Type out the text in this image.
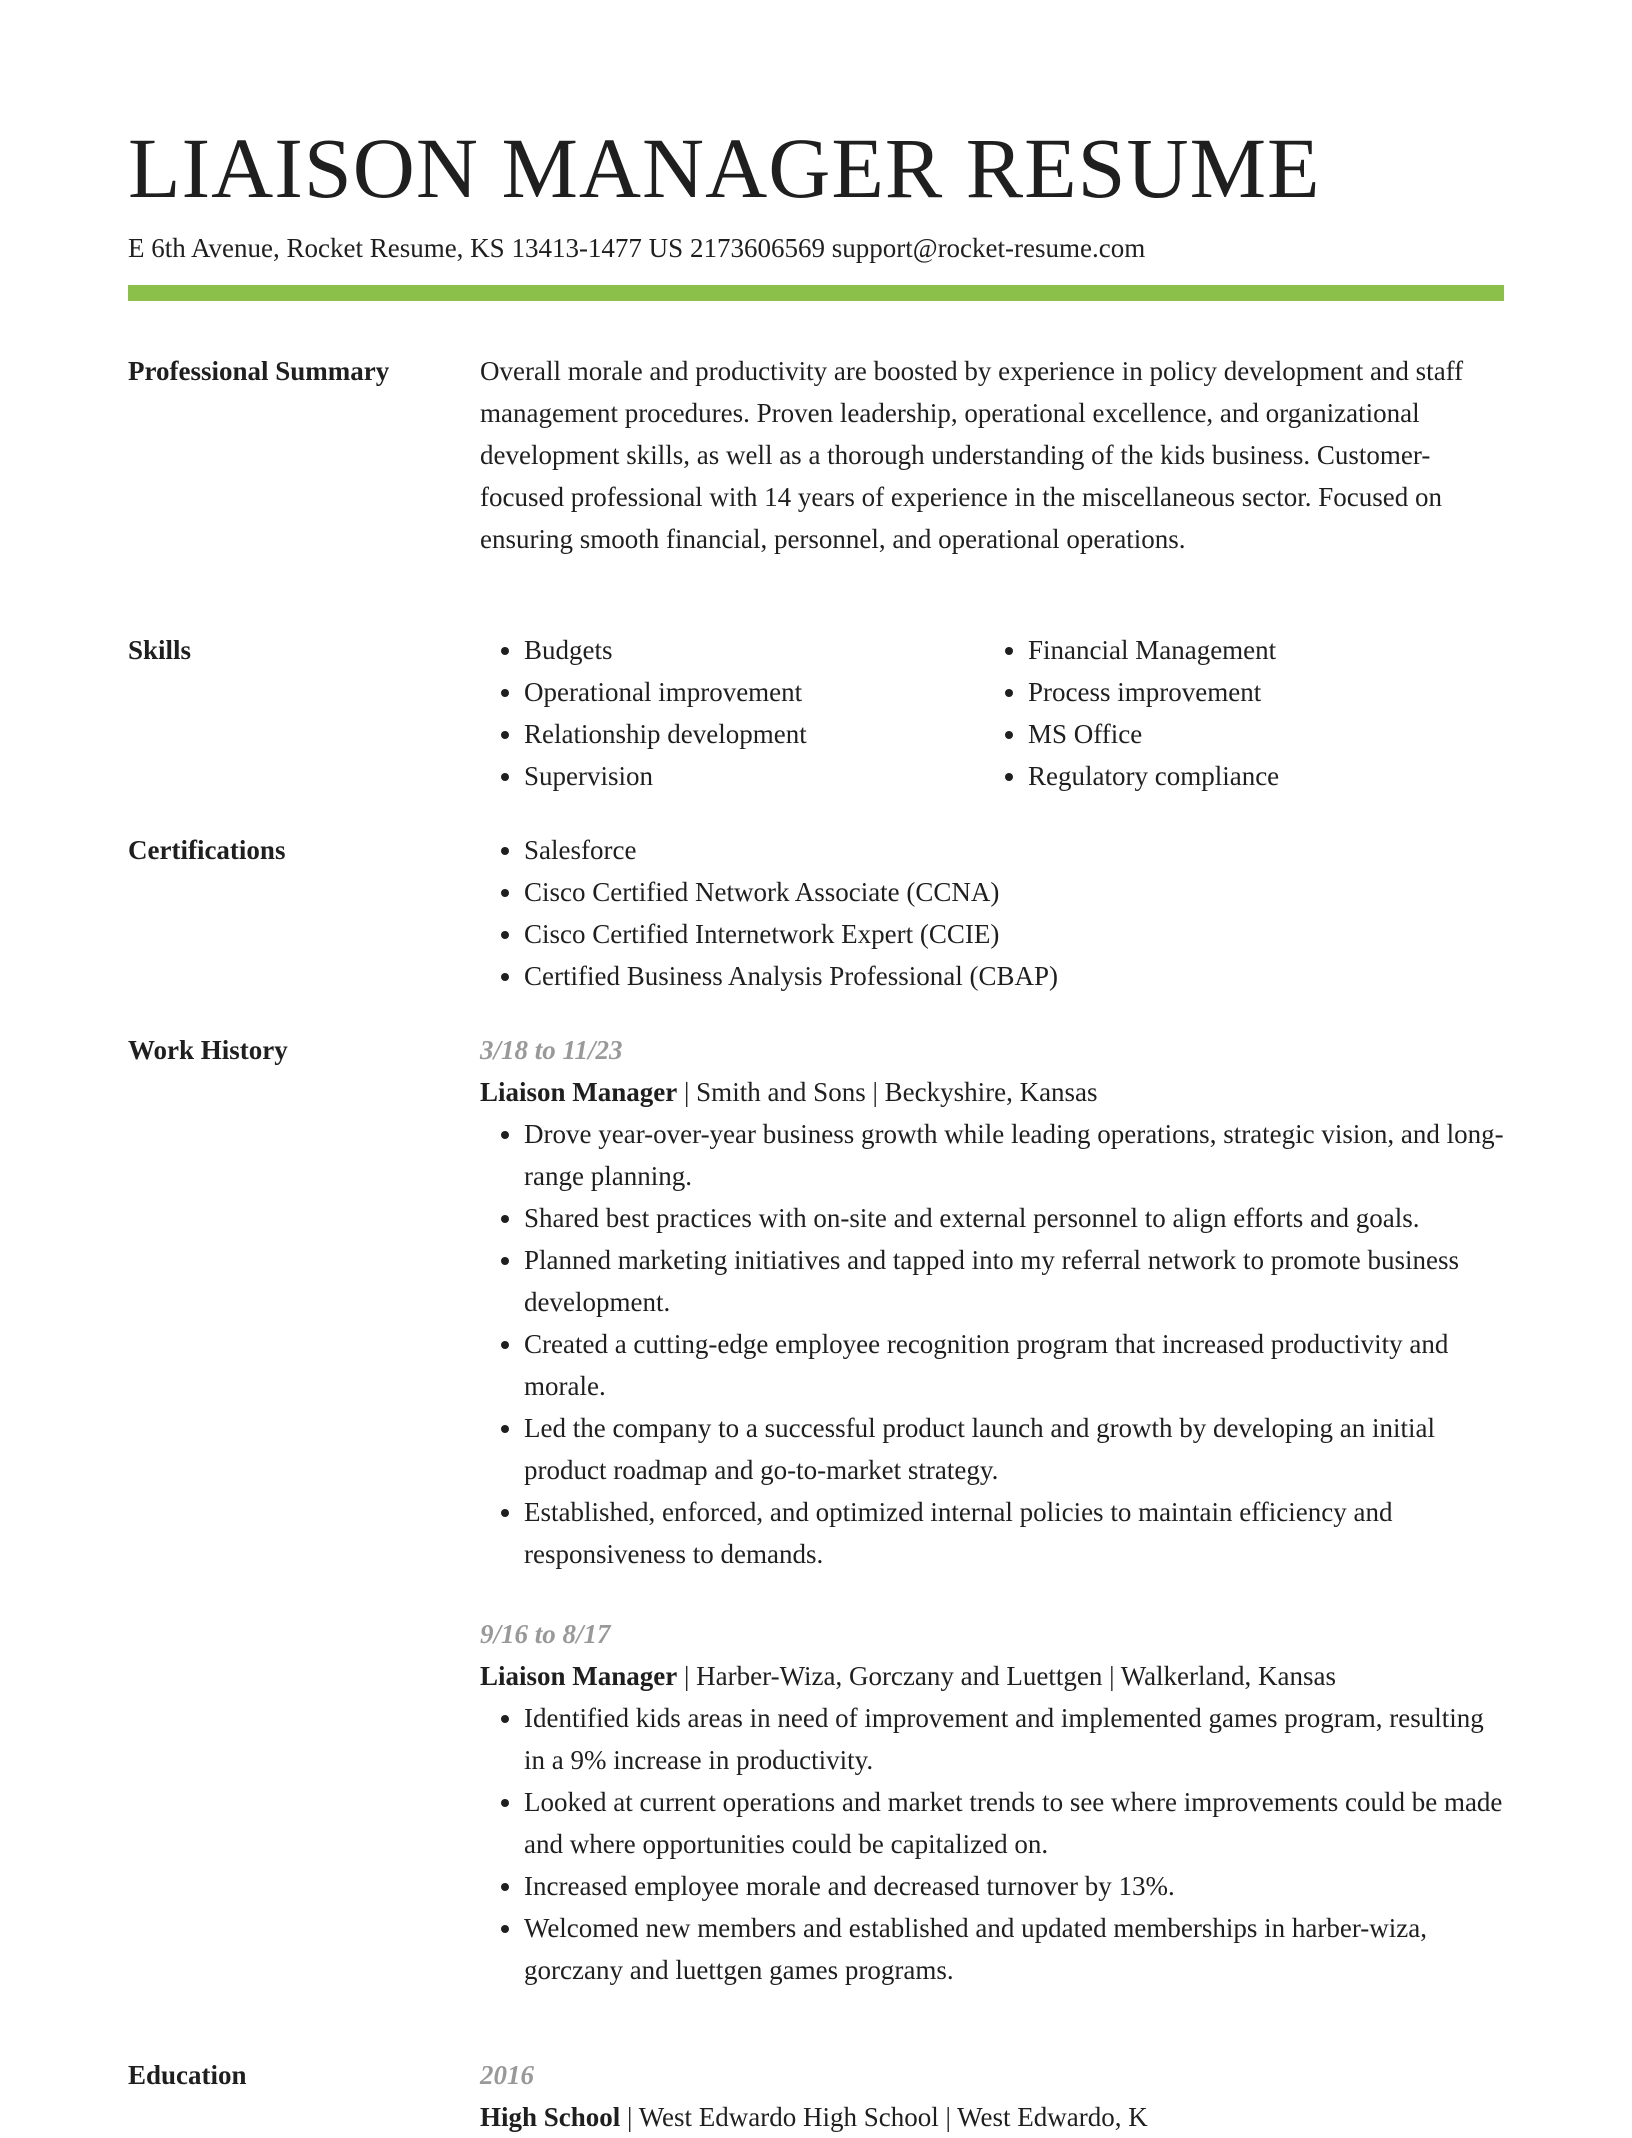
LIAISON MANAGER RESUME
E 6th Avenue, Rocket Resume, KS 13413-1477 US 2173606569 support@rocket-resume.com
Professional Summary	Overall morale and productivity are boosted by experience in policy development and staff management procedures. Proven leadership, operational excellence, and organizational development skills, as well as a thorough understanding of the kids business. Customer-focused professional with 14 years of experience in the miscellaneous sector. Focused on ensuring smooth financial, personnel, and operational operations.

Skills	• Budgets
• Operational improvement
• Relationship development
• Supervision
• Financial Management
• Process improvement
• MS Office
• Regulatory compliance
Certifications	• Salesforce
• Cisco Certified Network Associate (CCNA)
• Cisco Certified Internetwork Expert (CCIE)
• Certified Business Analysis Professional (CBAP)
Work History	3/18 to 11/23
Liaison Manager | Smith and Sons | Beckyshire, Kansas
• Drove year-over-year business growth while leading operations, strategic vision, and long-range planning.
• Shared best practices with on-site and external personnel to align efforts and goals.
• Planned marketing initiatives and tapped into my referral network to promote business development.
• Created a cutting-edge employee recognition program that increased productivity and morale.
• Led the company to a successful product launch and growth by developing an initial product roadmap and go-to-market strategy.
• Established, enforced, and optimized internal policies to maintain efficiency and responsiveness to demands.
9/16 to 8/17
Liaison Manager | Harber-Wiza, Gorczany and Luettgen | Walkerland, Kansas
• Identified kids areas in need of improvement and implemented games program, resulting in a 9% increase in productivity.
• Looked at current operations and market trends to see where improvements could be made and where opportunities could be capitalized on.
• Increased employee morale and decreased turnover by 13%.
• Welcomed new members and established and updated memberships in harber-wiza, gorczany and luettgen games programs.
Education	2016
High School | West Edwardo High School | West Edwardo, K
